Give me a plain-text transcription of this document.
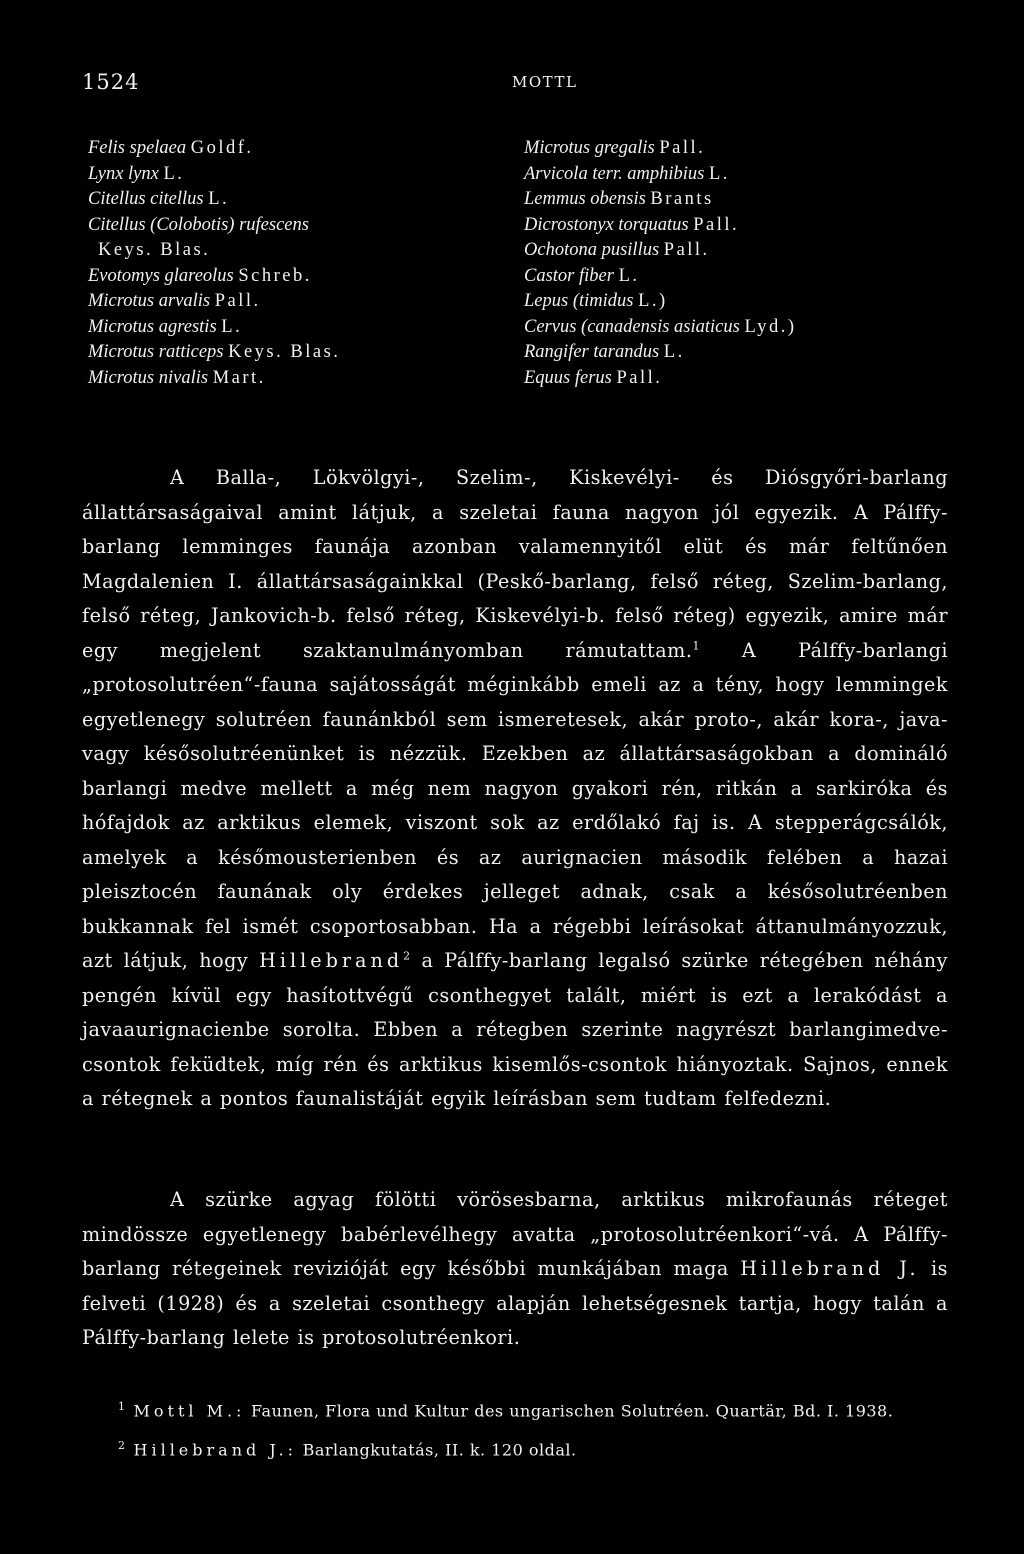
1524	MOTTL
Felis spelaea Goldf.
Lynx lynx L.
Citellus citellus L.
Citellus (Colobotis) rufescens
Keys. Blas.
Evotomys glareolus Schreb.
Microtus arvalis Pall.
Microtus agrestis L.
Microtus ratticeps Keys. Blas.
Microtus nivalis Mart.
Microtus gregalis Pall.
Arvicola terr. amphibius L.
Lemmus obensis Brants
Dicrostonyx torquatus Pall.
Ochotona pusillus Pall.
Castor fiber L.
Lepus (timidus L.)
Cervus (canadensis asiaticus Lyd.)
Rangifer tarandus L.
Equus ferus Pall.

A Balla-, Lökvölgyi-, Szelim-, Kiskevélyi- és Diósgyőri-barlang állattársaságaival amint látjuk, a szeletai fauna nagyon jól egyezik. A Pálffy-barlang lemminges faunája azonban valamennyitől elüt és már feltűnően Magdalenien I. állattársaságainkkal (Peskő-barlang, felső réteg, Szelim-barlang, felső réteg, Jankovich-b. felső réteg, Kiskevélyi-b. felső réteg) egyezik, amire már egy megjelent szaktanulmányomban rámutattam.$^1$ A Pálffy-barlangi „protosolutréen“-fauna sajátosságát méginkább emeli az a tény, hogy lemmingek egyetlenegy solutréen faunánkból sem ismeretesek, akár proto-, akár kora-, java- vagy késősolutréenünket is nézzük. Ezekben az állattársaságokban a domináló barlangi medve mellett a még nem nagyon gyakori rén, ritkán a sarkiróka és hófajdok az arktikus elemek, viszont sok az erdőlakó faj is. A stepperágcsálók, amelyek a későmousterienben és az aurignacien második felében a hazai pleisztocén faunának oly érdekes jelleget adnak, csak a késősolutréenben bukkannak fel ismét csoportosabban. Ha a régebbi leírásokat áttanulmányozzuk, azt látjuk, hogy Hillebrand$^2$ a Pálffy-barlang legalsó szürke rétegében néhány pengén kívül egy hasítottvégű csonthegyet talált, miért is ezt a lerakódást a javaaurignacienbe sorolta. Ebben a rétegben szerinte nagyrészt barlangimedve-csontok feküdtek, míg rén és arktikus kisemlős-csontok hiányoztak. Sajnos, ennek a rétegnek a pontos faunalistáját egyik leírásban sem tudtam felfedezni.

A szürke agyag fölötti vörösesbarna, arktikus mikrofaunás réteget mindössze egyetlenegy babérlevélhegy avatta „protosolutréenkori“-vá. A Pálffy-barlang rétegeinek revizióját egy későbbi munkájában maga Hillebrand J. is felveti (1928) és a szeletai csonthegy alapján lehetségesnek tartja, hogy talán a Pálffy-barlang lelete is protosolutréenkori.

$^1$ Mottl M.: Faunen, Flora und Kultur des ungarischen Solutréen. Quartär, Bd. I. 1938.

$^2$ Hillebrand J.: Barlangkutatás, II. k. 120 oldal.
